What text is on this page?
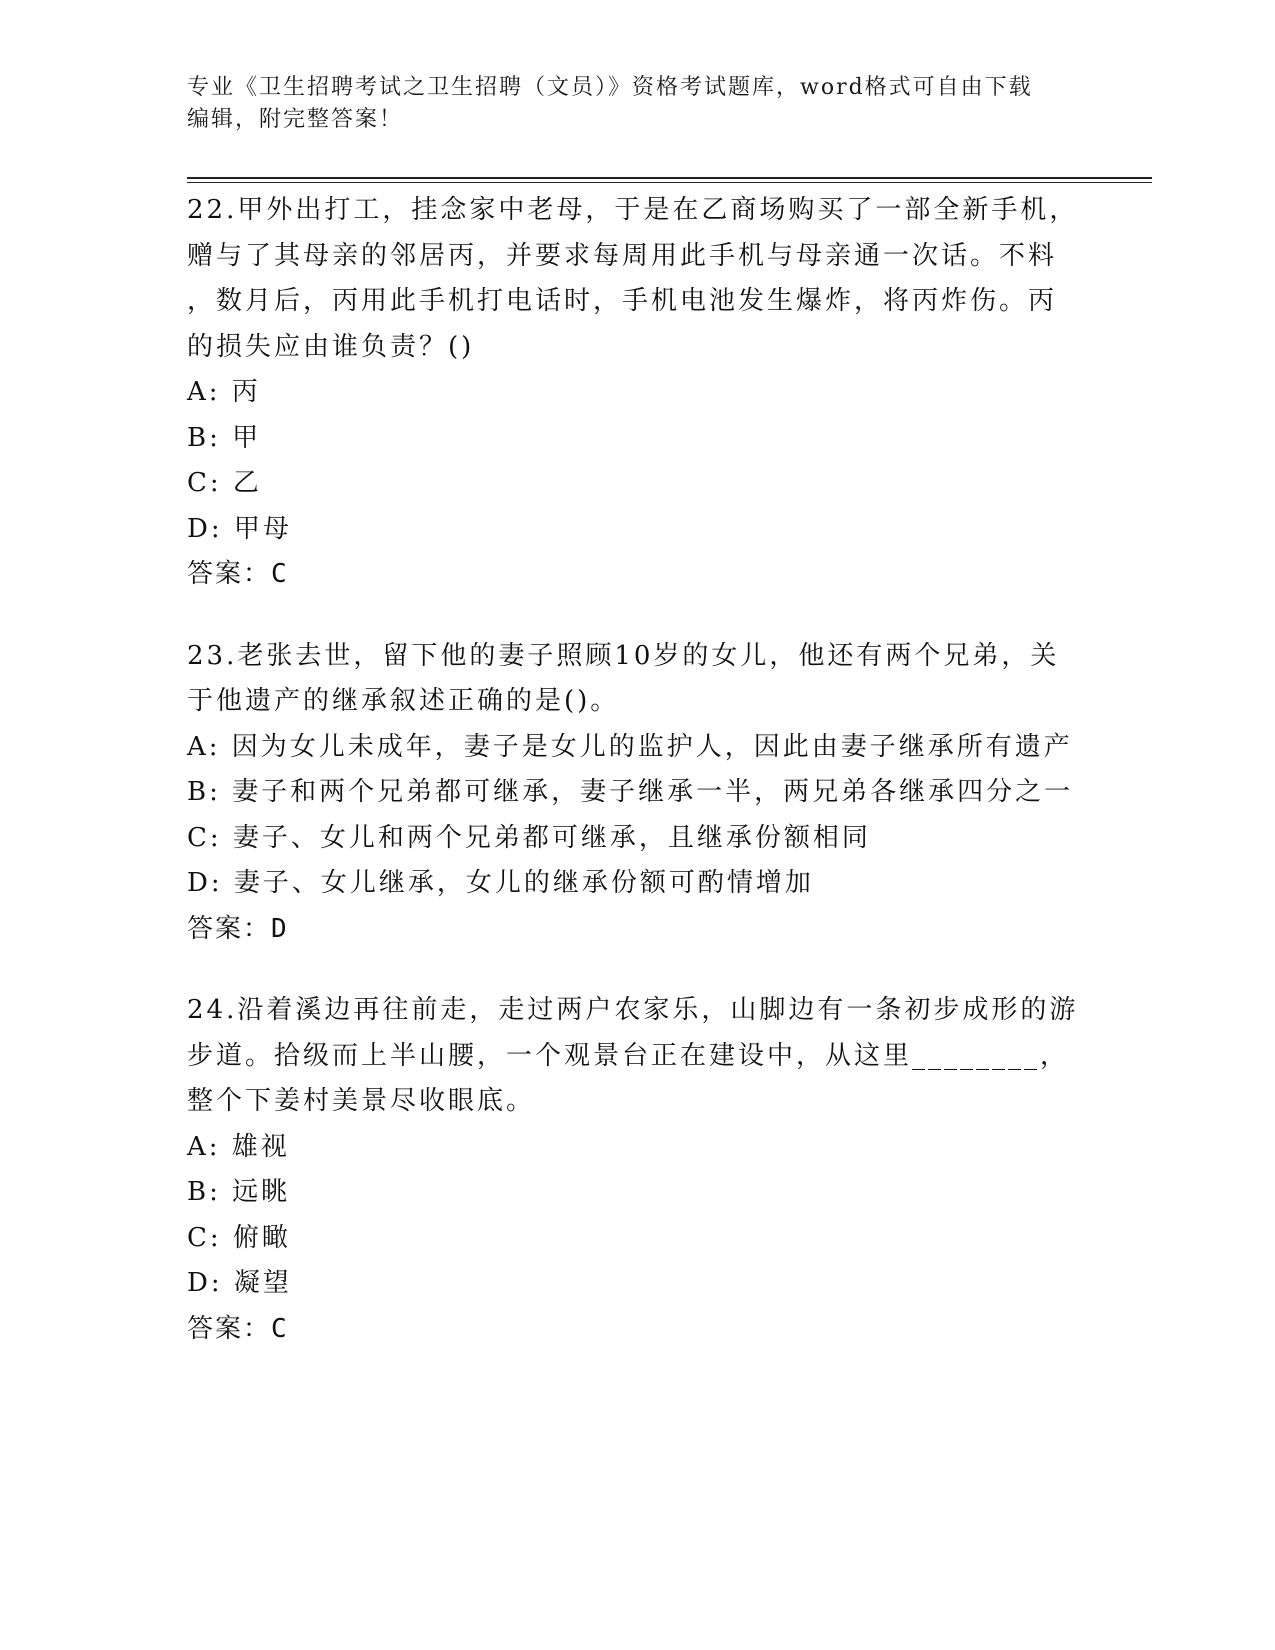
专业《卫生招聘考试之卫生招聘（文员）》资格考试题库，word格式可自由下载
编辑，附完整答案！
22.甲外出打工，挂念家中老母，于是在乙商场购买了一部全新手机，
赠与了其母亲的邻居丙，并要求每周用此手机与母亲通一次话。不料
，数月后，丙用此手机打电话时，手机电池发生爆炸，将丙炸伤。丙
的损失应由谁负责？()
A: 丙
B: 甲
C: 乙
D: 甲母
答案：C
23.老张去世，留下他的妻子照顾10岁的女儿，他还有两个兄弟，关
于他遗产的继承叙述正确的是()。
A: 因为女儿未成年，妻子是女儿的监护人，因此由妻子继承所有遗产
B: 妻子和两个兄弟都可继承，妻子继承一半，两兄弟各继承四分之一
C: 妻子、女儿和两个兄弟都可继承，且继承份额相同
D: 妻子、女儿继承，女儿的继承份额可酌情增加
答案：D
24.沿着溪边再往前走，走过两户农家乐，山脚边有一条初步成形的游
步道。拾级而上半山腰，一个观景台正在建设中，从这里________，
整个下姜村美景尽收眼底。
A: 雄视
B: 远眺
C: 俯瞰
D: 凝望
答案：C
